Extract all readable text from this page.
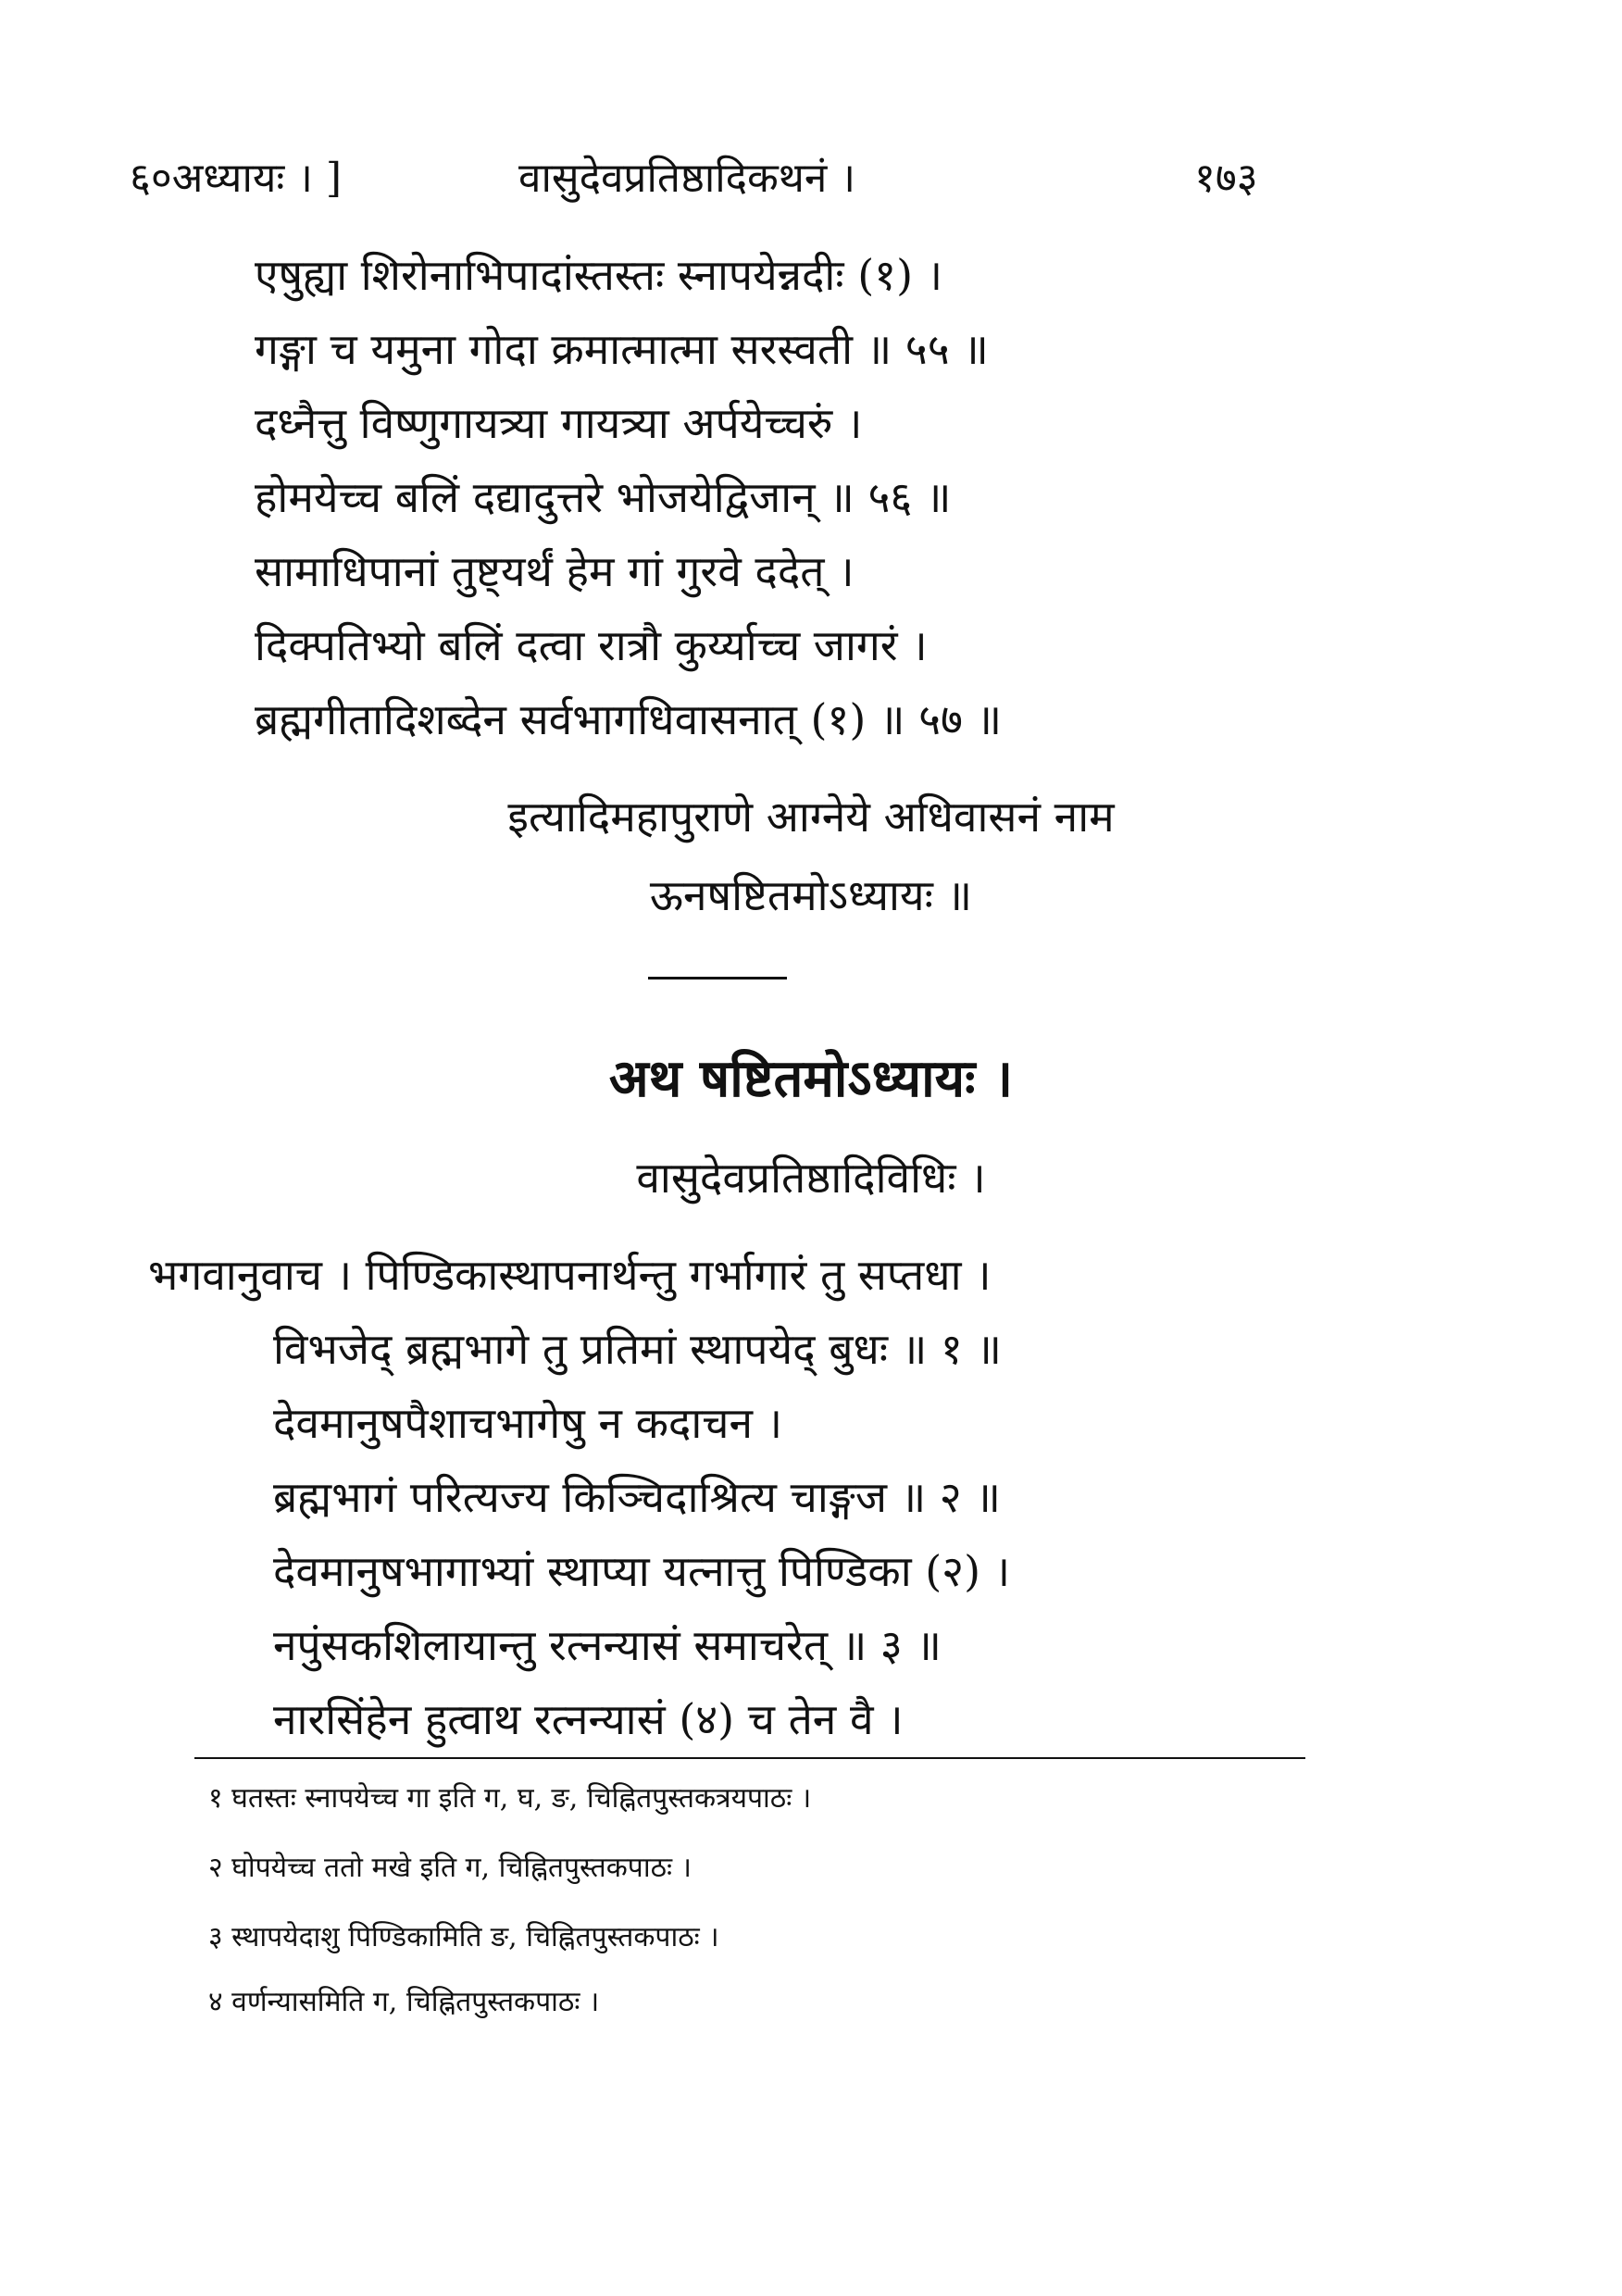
६०अध्यायः । ]	वासुदेवप्रतिष्ठादिकथनं ।	१७३
एषुह्या शिरोनाभिपादांस्तस्तः स्नापयेन्नदीः (१) ।
गङ्गा च यमुना गोदा क्रमात्मात्मा सरस्वती ॥ ५५ ॥
दध्नैत्तु विष्णुगायत्र्या गायत्र्या अर्पयेच्चरुं ।
होमयेच्च बलिं दद्यादुत्तरे भोजयेद्विजान् ॥ ५६ ॥
सामाधिपानां तुष्ट्यर्थं हेम गां गुरवे ददेत् ।
दिक्पतिभ्यो बलिं दत्वा रात्रौ कुर्य्याच्च जागरं ।
ब्रह्मगीतादिशब्देन सर्वभागधिवासनात् (१) ॥ ५७ ॥
इत्यादिमहापुराणे आग्नेये अधिवासनं नाम
ऊनषष्टितमोऽध्यायः ॥
अथ षष्टितमोऽध्यायः ।
वासुदेवप्रतिष्ठादिविधिः ।
भगवानुवाच । पिण्डिकास्थापनार्थन्तु गर्भागारं तु सप्तधा ।
विभजेद् ब्रह्मभागे तु प्रतिमां स्थापयेद् बुधः ॥ १ ॥
देवमानुषपैशाचभागेषु न कदाचन ।
ब्रह्मभागं परित्यज्य किञ्चिदाश्रित्य चाङ्गज ॥ २ ॥
देवमानुषभागाभ्यां स्थाप्या यत्नात्तु पिण्डिका (२) ।
नपुंसकशिलायान्तु रत्नन्यासं समाचरेत् ॥ ३ ॥
नारसिंहेन हुत्वाथ रत्नन्यासं (४) च तेन वै ।
१ घतस्तः स्नापयेच्च गा इति ग, घ, ङ, चिह्नितपुस्तकत्रयपाठः ।
२ घोपयेच्च ततो मखे इति ग, चिह्नितपुस्तकपाठः ।
३ स्थापयेदाशु पिण्डिकामिति ङ, चिह्नितपुस्तकपाठः ।
४ वर्णन्यासमिति ग, चिह्नितपुस्तकपाठः ।
